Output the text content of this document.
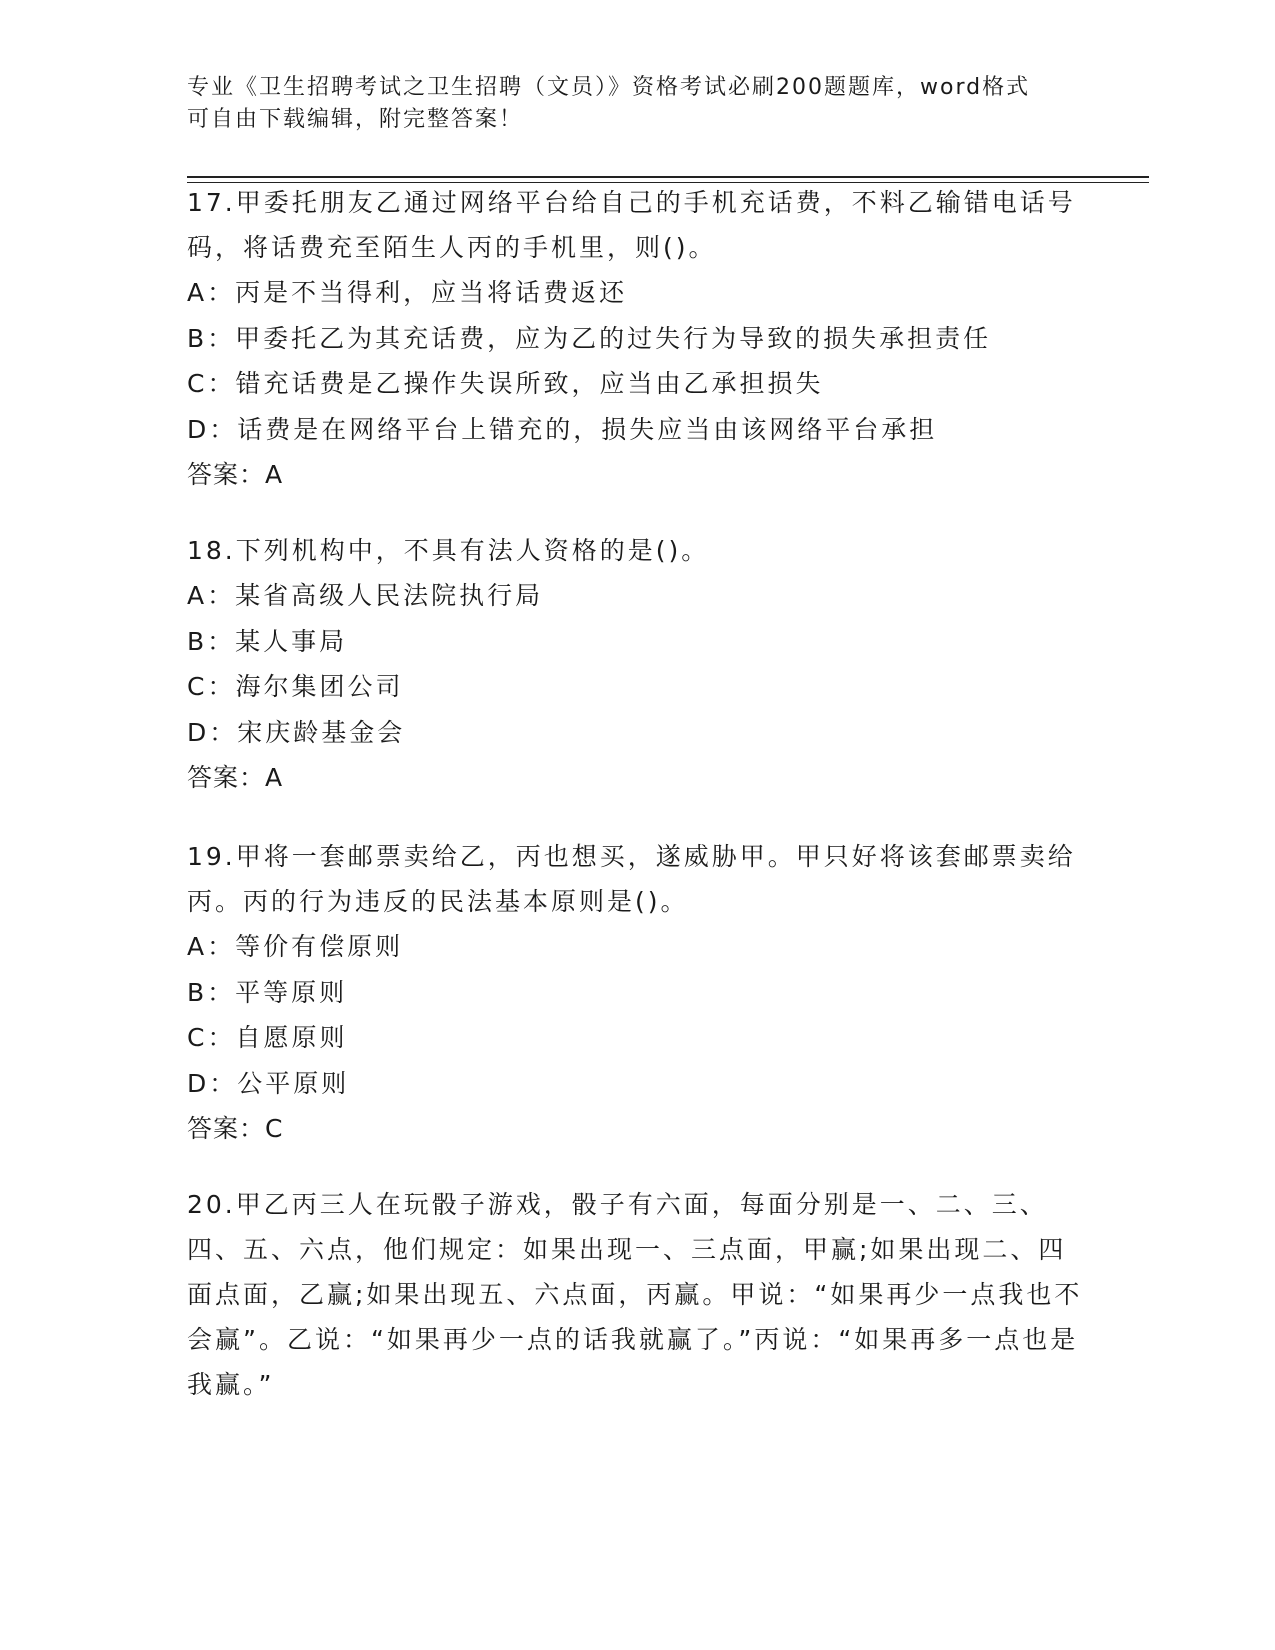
专业《卫生招聘考试之卫生招聘（文员）》资格考试必刷200题题库，word格式
可自由下载编辑，附完整答案！

17.甲委托朋友乙通过网络平台给自己的手机充话费，不料乙输错电话号码，将话费充至陌生人丙的手机里，则()。

A：丙是不当得利，应当将话费返还

B：甲委托乙为其充话费，应为乙的过失行为导致的损失承担责任

C：错充话费是乙操作失误所致，应当由乙承担损失

D：话费是在网络平台上错充的，损失应当由该网络平台承担

答案：A

18.下列机构中，不具有法人资格的是()。

A：某省高级人民法院执行局

B：某人事局

C：海尔集团公司

D：宋庆龄基金会

答案：A

19.甲将一套邮票卖给乙，丙也想买，遂威胁甲。甲只好将该套邮票卖给丙。丙的行为违反的民法基本原则是()。

A：等价有偿原则

B：平等原则

C：自愿原则

D：公平原则

答案：C

20.甲乙丙三人在玩骰子游戏，骰子有六面，每面分别是一、二、三、四、五、六点，他们规定：如果出现一、三点面，甲赢;如果出现二、四面点面，乙赢;如果出现五、六点面，丙赢。甲说：“如果再少一点我也不会赢”。乙说：“如果再少一点的话我就赢了。”丙说：“如果再多一点也是我赢。”
